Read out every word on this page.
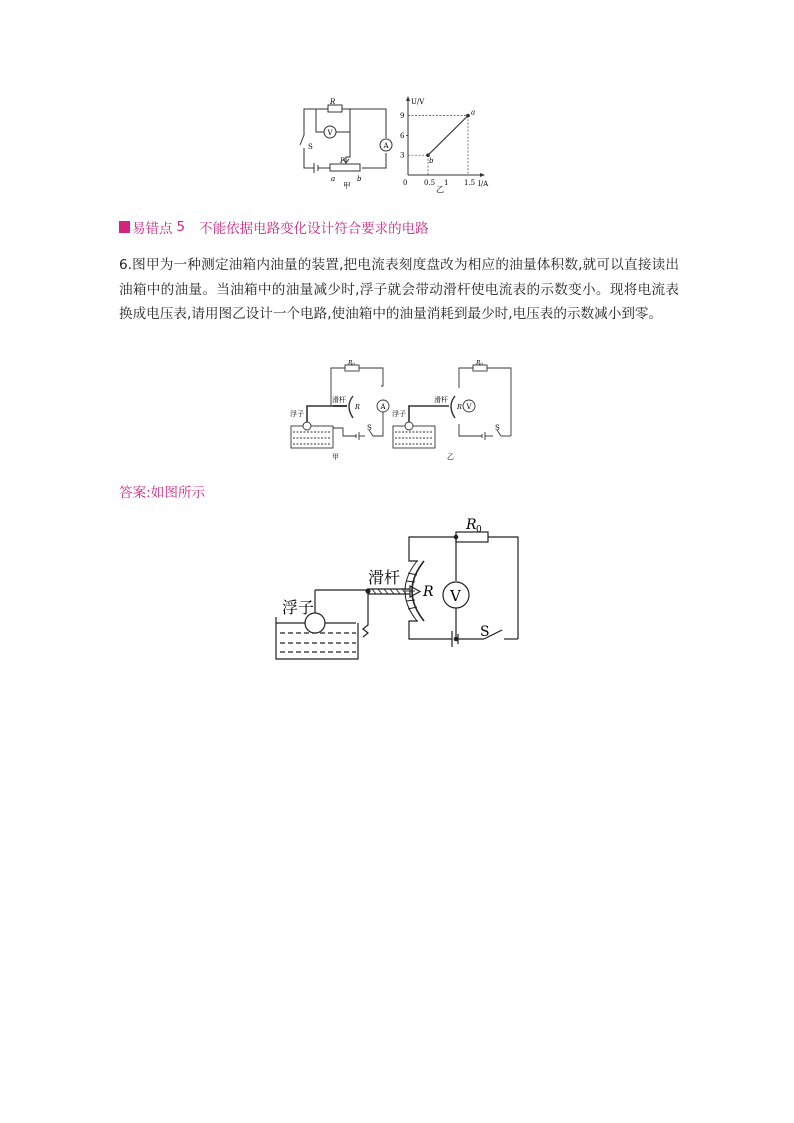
R
V
A
S
P
a	b
甲
b
a
0.5 1 1.5
3
6
9
U/V
I/A
0
乙
易错点 5 不能依据电路变化设计符合要求的电路
6.图甲为一种测定油箱内油量的装置,把电流表刻度盘改为相应的油量体积数,就可以直接读出油箱中的油量。当油箱中的油量减少时,浮子就会带动滑杆使电流表的示数变小。现将电流表换成电压表,请用图乙设计一个电路,使油箱中的油量消耗到最少时,电压表的示数减小到零。
浮子
滑杆
R
R₀
A
S
甲
浮子
滑杆
R
R₀
V
S
乙
答案:如图所示
浮子
滑杆
R
R 0
V
S
